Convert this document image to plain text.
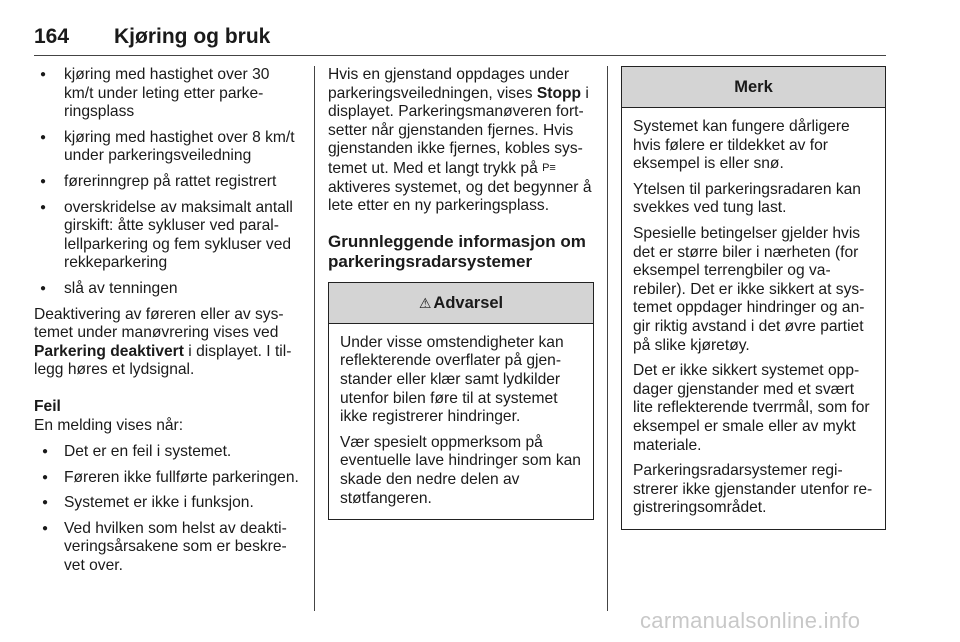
164 Kjøring og bruk
● kjøring med hastighet over 30 km/t under leting etter parkeringsplass
● kjøring med hastighet over 8 km/t under parkeringsveiledning
● førerinngrep på rattet registrert
● overskridelse av maksimalt antall girskift: åtte sykluser ved parallellparkering og fem sykluser ved rekkeparkering
● slå av tenningen

Deaktivering av føreren eller av systemet under manøvrering vises ved Parkering deaktivert i displayet. I tillegg høres et lydsignal.

Feil

En melding vises når:

● Det er en feil i systemet.
● Føreren ikke fullførte parkeringen.
● Systemet er ikke i funksjon.
● Ved hvilken som helst av deaktiveringsårsakene som er beskrevet over.

Hvis en gjenstand oppdages under parkeringsveiledningen, vises Stopp i displayet. Parkeringsmanøveren fortsetter når gjenstanden fjernes. Hvis gjenstanden ikke fjernes, kobles systemet ut. Med et langt trykk på P≡ aktiveres systemet, og det begynner å lete etter en ny parkeringsplass.

Grunnleggende informasjon om parkeringsradarsystemer
⚠ Advarsel

Under visse omstendigheter kan reflekterende overflater på gjenstander eller klær samt lydkilder utenfor bilen føre til at systemet ikke registrerer hindringer.

Vær spesielt oppmerksom på eventuelle lave hindringer som kan skade den nedre delen av støtfangeren.

Merk

Systemet kan fungere dårligere hvis følere er tildekket av for eksempel is eller snø.

Ytelsen til parkeringsradaren kan svekkes ved tung last.

Spesielle betingelser gjelder hvis det er større biler i nærheten (for eksempel terrengbiler og varebiler). Det er ikke sikkert at systemet oppdager hindringer og angir riktig avstand i det øvre partiet på slike kjøretøy.

Det er ikke sikkert systemet oppdager gjenstander med et svært lite reflekterende tverrmål, som for eksempel er smale eller av mykt materiale.

Parkeringsradarsystemer registrerer ikke gjenstander utenfor registreringsområdet.

carmanualsonline.info
